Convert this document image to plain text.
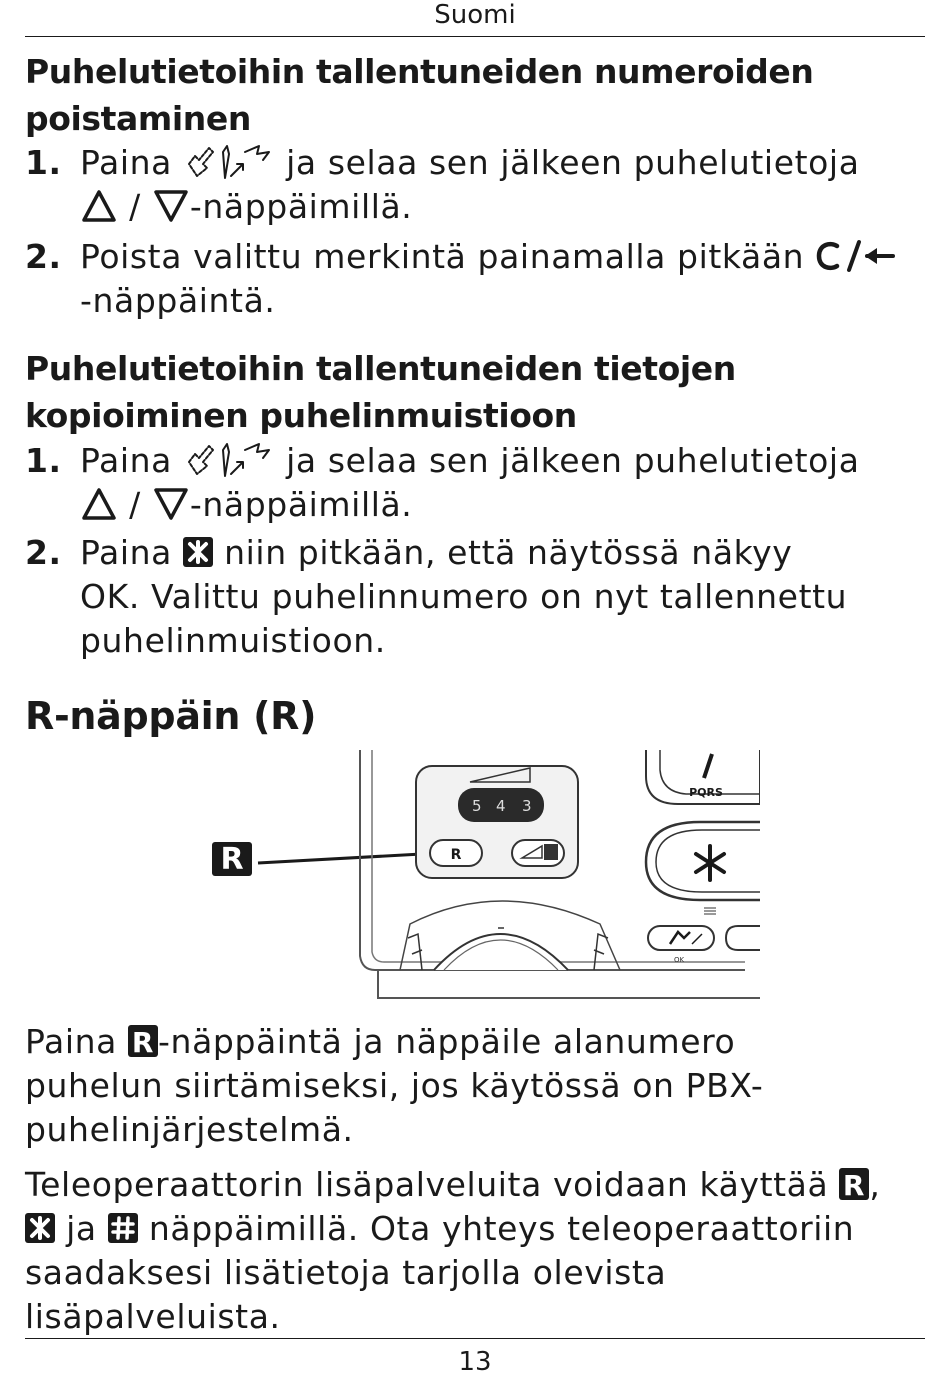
Suomi
Puhelutietoihin tallentuneiden numeroiden poistaminen
1. Paina	ja selaa sen jälkeen puhelutietoja
/ -näppäimillä.
2. Poista valittu merkintä painamalla pitkään
-näppäintä.
Puhelutietoihin tallentuneiden tietojen kopioiminen puhelinmuistioon
1. Paina	ja selaa sen jälkeen puhelutietoja
/ -näppäimillä.
2. Paina niin pitkään, että näytössä näkyy
OK. Valittu puhelinnumero on nyt tallennettu
puhelinmuistioon.
R-näppäin (R)
R
5 4 3
R
PQRS
OK
Paina R -näppäintä ja näppäile alanumero
puhelun siirtämiseksi, jos käytössä on PBX-
puhelinjärjestelmä.
Teleoperaattorin lisäpalveluita voidaan käyttää R ,
ja näppäimillä. Ota yhteys teleoperaattoriin
saadaksesi lisätietoja tarjolla olevista
lisäpalveluista.
13
